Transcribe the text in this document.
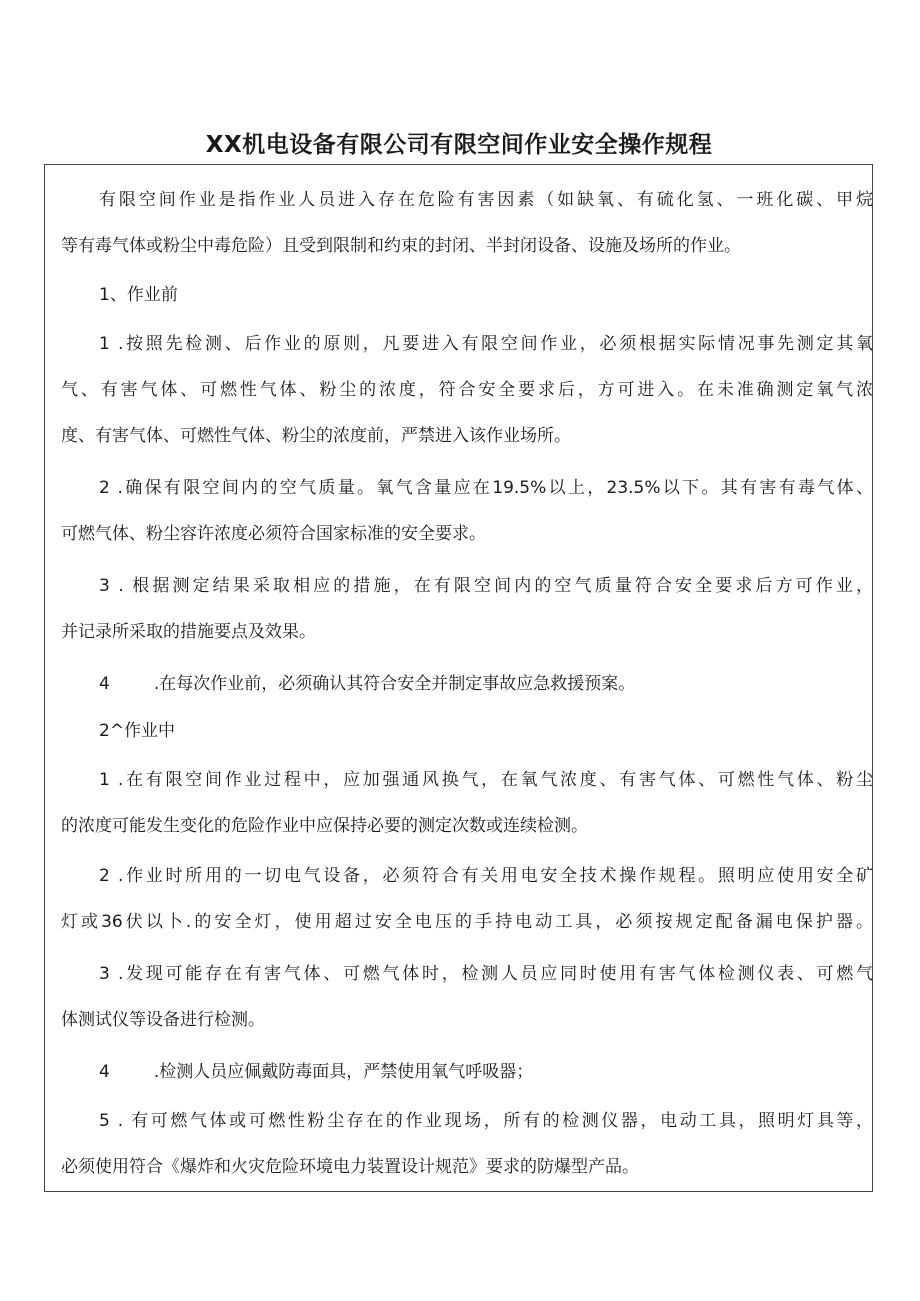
XX机电设备有限公司有限空间作业安全操作规程
有限空间作业是指作业人员进入存在危险有害因素（如缺氧、有硫化氢、一班化碳、甲烷
等有毒气体或粉尘中毒危险）且受到限制和约束的封闭、半封闭设备、设施及场所的作业。
1、作业前
1 .按照先检测、后作业的原则，凡要进入有限空间作业，必须根据实际情况事先测定其氧
气、有害气体、可燃性气体、粉尘的浓度，符合安全要求后，方可进入。在未准确测定氧气浓
度、有害气体、可燃性气体、粉尘的浓度前，严禁进入该作业场所。
2 .确保有限空间内的空气质量。氧气含量应在19.5%以上，23.5%以下。其有害有毒气体、
可燃气体、粉尘容许浓度必须符合国家标准的安全要求。
3 . 根据测定结果采取相应的措施，在有限空间内的空气质量符合安全要求后方可作业，
并记录所采取的措施要点及效果。
4	.在每次作业前，必须确认其符合安全并制定事故应急救援预案。
2^作业中
1 .在有限空间作业过程中，应加强通风换气，在氧气浓度、有害气体、可燃性气体、粉尘
的浓度可能发生变化的危险作业中应保持必要的测定次数或连续检测。
2 .作业时所用的一切电气设备，必须符合有关用电安全技术操作规程。照明应使用安全矿
灯或36伏以卜.的安全灯，使用超过安全电压的手持电动工具，必须按规定配备漏电保护器。
3 .发现可能存在有害气体、可燃气体时，检测人员应同时使用有害气体检测仪表、可燃气
体测试仪等设备进行检测。
4	.检测人员应佩戴防毒面具，严禁使用氧气呼吸器；
5 . 有可燃气体或可燃性粉尘存在的作业现场，所有的检测仪器，电动工具，照明灯具等，
必须使用符合《爆炸和火灾危险环境电力装置设计规范》要求的防爆型产品。
